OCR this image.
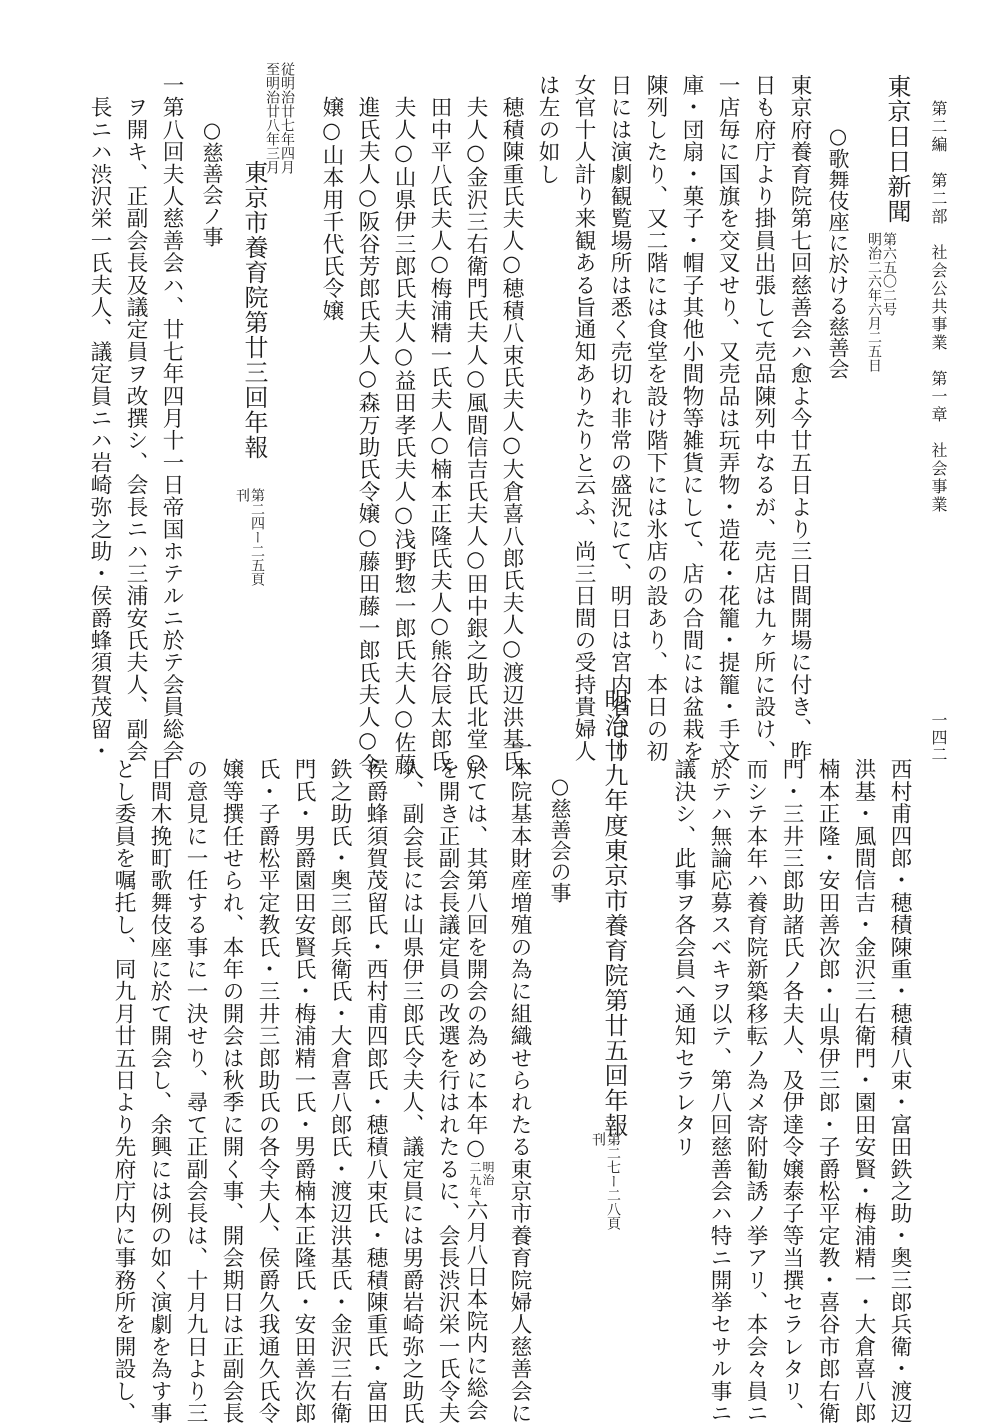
第二編　第二部　社会公共事業　第一章　社会事業
一四二
東京日日新聞
第六五〇二号
明治二六年六月二五日
○歌舞伎座に於ける慈善会
東京府養育院第七回慈善会ハ愈よ今廿五日より三日間開場に付き、昨
日も府庁より掛員出張して売品陳列中なるが、売店は九ヶ所に設け、
一店毎に国旗を交叉せり、又売品は玩弄物・造花・花籠・提籠・手文
庫・団扇・菓子・帽子其他小間物等雑貨にして、店の合間には盆栽を
陳列したり、又二階には食堂を設け階下には氷店の設あり、本日の初
日には演劇観覧場所は悉く売切れ非常の盛況にて、明日は宮内省より
女官十人計り来観ある旨通知ありたりと云ふ、尚三日間の受持貴婦人
は左の如し
　穂積陳重氏夫人○穂積八束氏夫人○大倉喜八郎氏夫人○渡辺洪基氏
　夫人○金沢三右衛門氏夫人○風間信吉氏夫人○田中銀之助氏北堂○
　田中平八氏夫人○梅浦精一氏夫人○楠本正隆氏夫人○熊谷辰太郎氏
　夫人○山県伊三郎氏夫人○益田孝氏夫人○浅野惣一郎氏夫人○佐藤
　進氏夫人○阪谷芳郎氏夫人○森万助氏令嬢○藤田藤一郎氏夫人○令
　嬢○山本用千代氏令嬢
従明治廿七年四月
至明治廿八年三月
東京市養育院第廿三回年報
第二四ー二五頁
刊
○慈善会ノ事
一第八回夫人慈善会ハ、廿七年四月十一日帝国ホテルニ於テ会員総会
　ヲ開キ、正副会長及議定員ヲ改撰シ、会長ニハ三浦安氏夫人、副会
　長ニハ渋沢栄一氏夫人、議定員ニハ岩崎弥之助・侯爵蜂須賀茂留・
　西村甫四郎・穂積陳重・穂積八束・富田鉄之助・奥三郎兵衛・渡辺
　洪基・風間信吉・金沢三右衛門・園田安賢・梅浦精一・大倉喜八郎
　楠本正隆・安田善次郎・山県伊三郎・子爵松平定教・喜谷市郎右衛
　門・三井三郎助諸氏ノ各夫人、及伊達令嬢泰子等当撰セラレタリ、
　而シテ本年ハ養育院新築移転ノ為メ寄附勧誘ノ挙アリ、本会々員ニ
　於テハ無論応募スベキヲ以テ、第八回慈善会ハ特ニ開挙セサル事ニ
　議決シ、此事ヲ各会員へ通知セラレタリ
明治廿九年度東京市養育院第廿五回年報
第二七ー二八頁
刊
○慈善会の事
一本院基本財産増殖の為に組織せられたる東京市養育院婦人慈善会に
　於ては、其第八回を開会の為めに本年○明治
二九年六月八日本院内に総会
　を開き正副会長議定員の改選を行はれたるに、会長渋沢栄一氏令夫
　人、副会長には山県伊三郎氏令夫人、議定員には男爵岩崎弥之助氏
　侯爵蜂須賀茂留氏・西村甫四郎氏・穂積八束氏・穂積陳重氏・富田
　鉄之助氏・奥三郎兵衛氏・大倉喜八郎氏・渡辺洪基氏・金沢三右衛
　門氏・男爵園田安賢氏・梅浦精一氏・男爵楠本正隆氏・安田善次郎
　氏・子爵松平定教氏・三井三郎助氏の各令夫人、侯爵久我通久氏令
　嬢等撰任せられ、本年の開会は秋季に開く事、開会期日は正副会長
　の意見に一任する事に一決せり、尋て正副会長は、十月九日より三
　日間木挽町歌舞伎座に於て開会し、余興には例の如く演劇を為す事
　とし委員を嘱托し、同九月廿五日より先府庁内に事務所を開設し、
